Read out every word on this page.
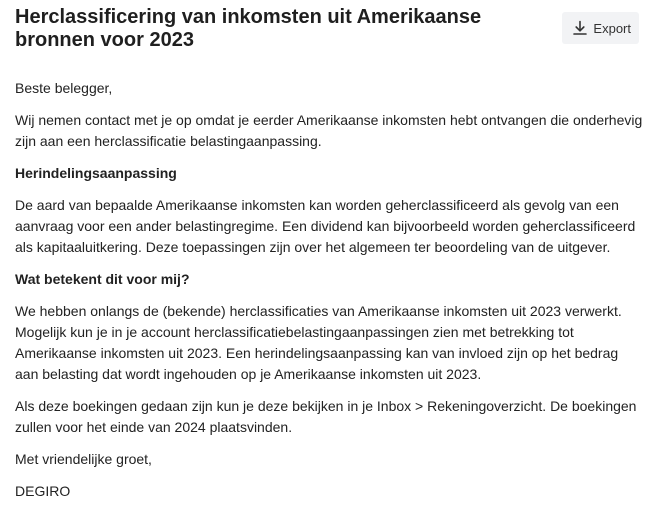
Herclassificering van inkomsten uit Amerikaanse bronnen voor 2023
Export

Beste belegger,

Wij nemen contact met je op omdat je eerder Amerikaanse inkomsten hebt ontvangen die onderhevig zijn aan een herclassificatie belastingaanpassing.

Herindelingsaanpassing

De aard van bepaalde Amerikaanse inkomsten kan worden geherclassificeerd als gevolg van een aanvraag voor een ander belastingregime. Een dividend kan bijvoorbeeld worden geherclassificeerd als kapitaaluitkering. Deze toepassingen zijn over het algemeen ter beoordeling van de uitgever.

Wat betekent dit voor mij?

We hebben onlangs de (bekende) herclassificaties van Amerikaanse inkomsten uit 2023 verwerkt. Mogelijk kun je in je account herclassificatiebelastingaanpassingen zien met betrekking tot Amerikaanse inkomsten uit 2023. Een herindelingsaanpassing kan van invloed zijn op het bedrag aan belasting dat wordt ingehouden op je Amerikaanse inkomsten uit 2023.

Als deze boekingen gedaan zijn kun je deze bekijken in je Inbox > Rekeningoverzicht. De boekingen zullen voor het einde van 2024 plaatsvinden.

Met vriendelijke groet,

DEGIRO
